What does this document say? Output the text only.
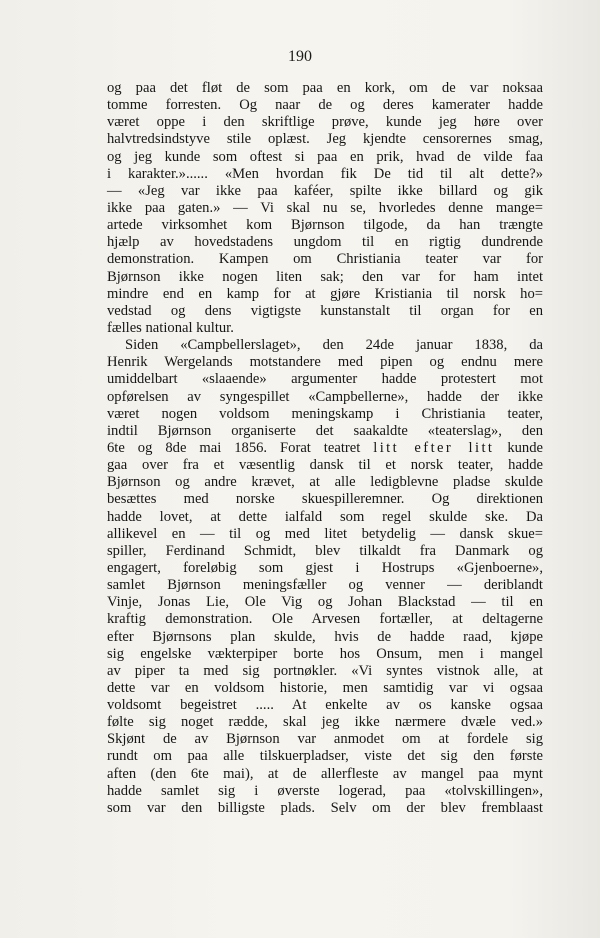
190
og paa det fløt de som paa en kork, om de var noksaa
tomme forresten. Og naar de og deres kamerater hadde
været oppe i den skriftlige prøve, kunde jeg høre over
halvtredsindstyve stile oplæst. Jeg kjendte censorernes smag,
og jeg kunde som oftest si paa en prik, hvad de vilde faa
i karakter.»...... «Men hvordan fik De tid til alt dette?»
— «Jeg var ikke paa kaféer, spilte ikke billard og gik
ikke paa gaten.» — Vi skal nu se, hvorledes denne mange=
artede virksomhet kom Bjørnson tilgode, da han trængte
hjælp av hovedstadens ungdom til en rigtig dundrende
demonstration. Kampen om Christiania teater var for
Bjørnson ikke nogen liten sak; den var for ham intet
mindre end en kamp for at gjøre Kristiania til norsk ho=
vedstad og dens vigtigste kunstanstalt til organ for en
fælles national kultur.
Siden «Campbellerslaget», den 24de januar 1838, da
Henrik Wergelands motstandere med pipen og endnu mere
umiddelbart «slaaende» argumenter hadde protestert mot
opførelsen av syngespillet «Campbellerne», hadde der ikke
været nogen voldsom meningskamp i Christiania teater,
indtil Bjørnson organiserte det saakaldte «teaterslag», den
6te og 8de mai 1856. Forat teatret litt efter litt kunde
gaa over fra et væsentlig dansk til et norsk teater, hadde
Bjørnson og andre krævet, at alle ledigblevne pladse skulde
besættes med norske skuespilleremner. Og direktionen
hadde lovet, at dette ialfald som regel skulde ske. Da
allikevel en — til og med litet betydelig — dansk skue=
spiller, Ferdinand Schmidt, blev tilkaldt fra Danmark og
engagert, foreløbig som gjest i Hostrups «Gjenboerne»,
samlet Bjørnson meningsfæller og venner — deriblandt
Vinje, Jonas Lie, Ole Vig og Johan Blackstad — til en
kraftig demonstration. Ole Arvesen fortæller, at deltagerne
efter Bjørnsons plan skulde, hvis de hadde raad, kjøpe
sig engelske vækterpiper borte hos Onsum, men i mangel
av piper ta med sig portnøkler. «Vi syntes vistnok alle, at
dette var en voldsom historie, men samtidig var vi ogsaa
voldsomt begeistret ..... At enkelte av os kanske ogsaa
følte sig noget ræddе, skal jeg ikke nærmere dvæle ved.»
Skjønt de av Bjørnson var anmodet om at fordele sig
rundt om paa alle tilskuerpladser, viste det sig den første
aften (den 6te mai), at de allerfleste av mangel paa mynt
hadde samlet sig i øverste logerad, paa «tolvskillingen»,
som var den billigste plads. Selv om der blev fremblaast
